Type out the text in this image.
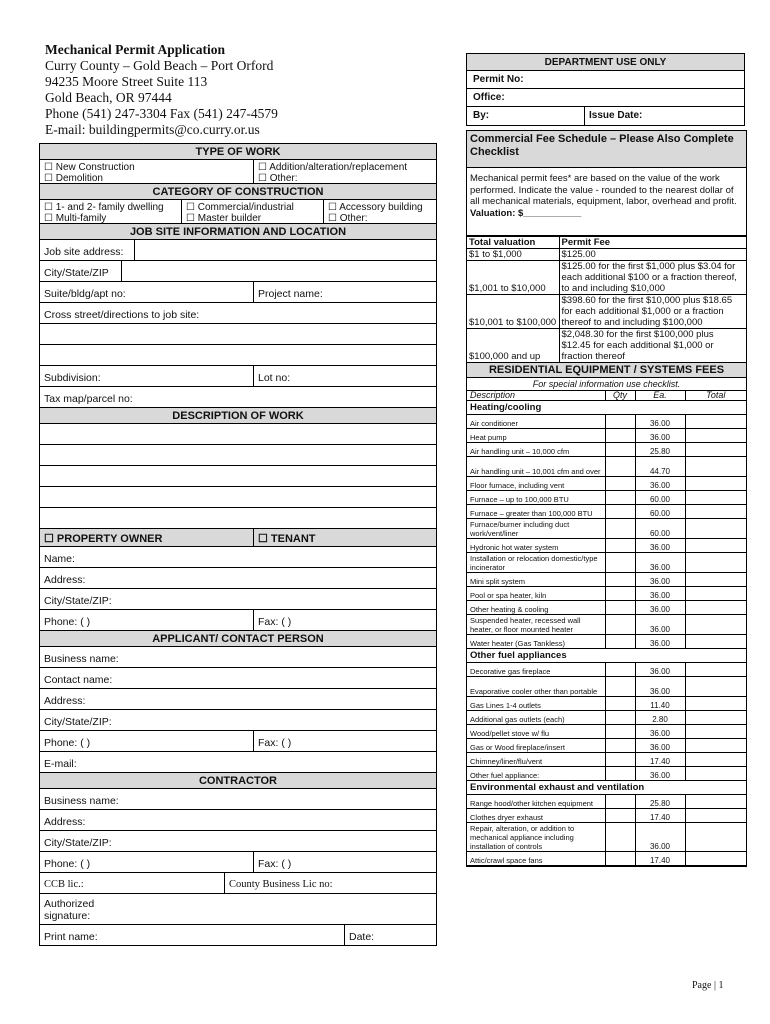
Mechanical Permit Application
Curry County – Gold Beach – Port Orford
94235 Moore Street Suite 113
Gold Beach, OR 97444
Phone (541) 247-3304 Fax (541) 247-4579
E-mail: buildingpermits@co.curry.or.us
TYPE OF WORK
☐ New Construction
☐ Demolition
☐ Addition/alteration/replacement
☐ Other:
CATEGORY OF CONSTRUCTION
☐ 1- and 2- family dwelling
☐ Multi-family
☐ Commercial/industrial
☐ Master builder
☐ Accessory building
☐ Other:
JOB SITE INFORMATION AND LOCATION
Job site address:
City/State/ZIP
Suite/bldg/apt no:	Project name:
Cross street/directions to job site:
Subdivision:	Lot no:
Tax map/parcel no:
DESCRIPTION OF WORK
☐ PROPERTY OWNER	☐ TENANT
Name:
Address:
City/State/ZIP:
Phone: ( )	Fax: ( )
APPLICANT/ CONTACT PERSON
Business name:
Contact name:
Address:
City/State/ZIP:
Phone: ( )	Fax: ( )
E-mail:
CONTRACTOR
Business name:
Address:
City/State/ZIP:
Phone: ( )	Fax: ( )
CCB lic.:	County Business Lic no:
Authorized
signature:
Print name:	Date:
DEPARTMENT USE ONLY
Permit No:
Office:
By:	Issue Date:
Commercial Fee Schedule – Please Also Complete Checklist
Mechanical permit fees* are based on the value of the work performed. Indicate the value - rounded to the nearest dollar of all mechanical materials, equipment, labor, overhead and profit. Valuation: $___________
Total valuation	Permit Fee
$1 to $1,000	$125.00
$1,001 to $10,000	$125.00 for the first $1,000 plus $3.04 for each additional $100 or a fraction thereof, to and including $10,000
$10,001 to $100,000	$398.60 for the first $10,000 plus $18.65 for each additional $1,000 or a fraction thereof to and including $100,000
$100,000 and up	$2,048.30 for the first $100,000 plus $12.45 for each additional $1,000 or fraction thereof
RESIDENTIAL EQUIPMENT / SYSTEMS FEES
For special information use checklist.
Description	Qty	Ea.	Total
Heating/cooling			
Air conditioner		36.00	
Heat pump		36.00	
Air handling unit – 10,000 cfm		25.80	
Air handling unit – 10,001 cfm and over		44.70	
Floor furnace, including vent		36.00	
Furnace – up to 100,000 BTU		60.00	
Furnace – greater than 100,000 BTU		60.00	
Furnace/burner including duct work/vent/liner		60.00	
Hydronic hot water system		36.00	
Installation or relocation domestic/type incinerator		36.00	
Mini split system		36.00	
Pool or spa heater, kiln		36.00	
Other heating & cooling		36.00	
Suspended heater, recessed wall heater, or floor mounted heater		36.00	
Water heater (Gas Tankless)		36.00	
Other fuel appliances			
Decorative gas fireplace		36.00	
Evaporative cooler other than portable		36.00	
Gas Lines 1-4 outlets		11.40	
Additional gas outlets (each)		2.80	
Wood/pellet stove w/ flu		36.00	
Gas or Wood fireplace/insert		36.00	
Chimney/liner/flu/vent		17.40	
Other fuel appliance:		36.00	
Environmental exhaust and ventilation			
Range hood/other kitchen equipment		25.80	
Clothes dryer exhaust		17.40	
Repair, alteration, or addition to mechanical appliance including installation of controls		36.00	
Attic/crawl space fans		17.40	
Page | 1
